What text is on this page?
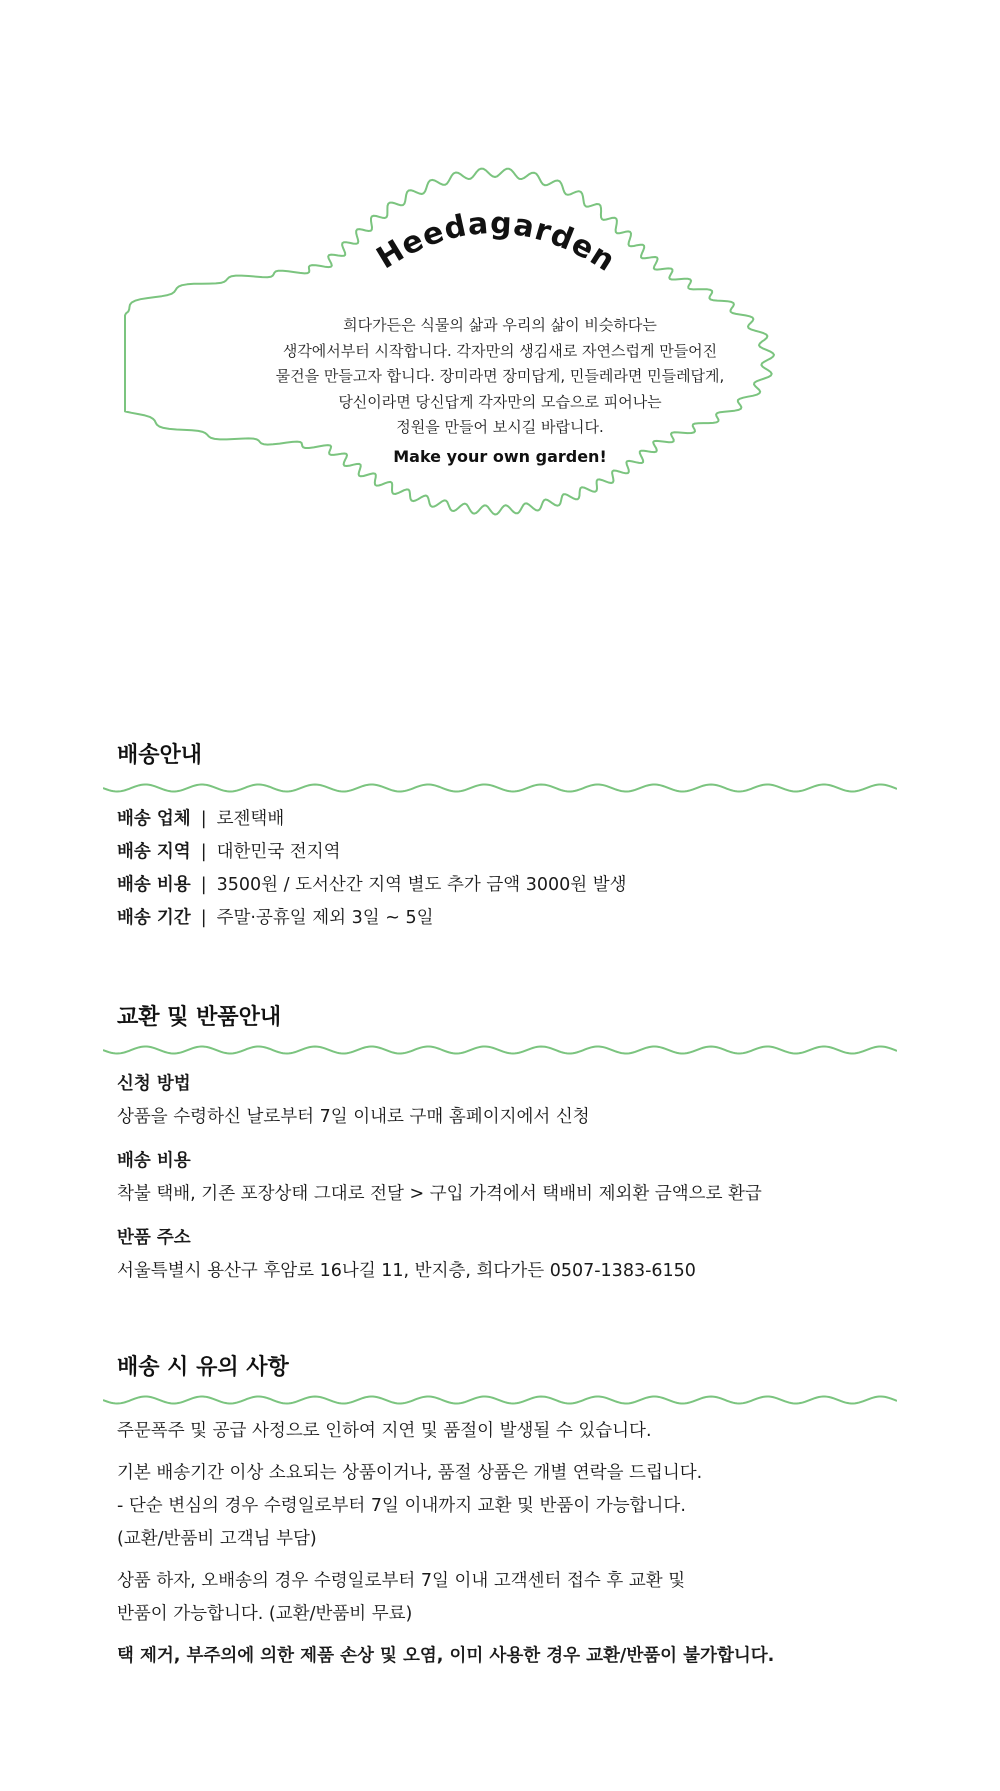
Heedagarden

희다가든은 식물의 삶과 우리의 삶이 비슷하다는

생각에서부터 시작합니다. 각자만의 생김새로 자연스럽게 만들어진

물건을 만들고자 합니다. 장미라면 장미답게, 민들레라면 민들레답게,

당신이라면 당신답게 각자만의 모습으로 피어나는

정원을 만들어 보시길 바랍니다.

Make your own garden!
배송안내
배송 업체 | 로젠택배
배송 지역 | 대한민국 전지역
배송 비용 | 3500원 / 도서산간 지역 별도 추가 금액 3000원 발생
배송 기간 | 주말·공휴일 제외 3일 ~ 5일
교환 및 반품안내
신청 방법
상품을 수령하신 날로부터 7일 이내로 구매 홈페이지에서 신청
배송 비용
착불 택배, 기존 포장상태 그대로 전달 > 구입 가격에서 택배비 제외환 금액으로 환급
반품 주소
서울특별시 용산구 후암로 16나길 11, 반지층, 희다가든 0507-1383-6150
배송 시 유의 사항
주문폭주 및 공급 사정으로 인하여 지연 및 품절이 발생될 수 있습니다.
기본 배송기간 이상 소요되는 상품이거나, 품절 상품은 개별 연락을 드립니다.
- 단순 변심의 경우 수령일로부터 7일 이내까지 교환 및 반품이 가능합니다.
(교환/반품비 고객님 부담)
상품 하자, 오배송의 경우 수령일로부터 7일 이내 고객센터 접수 후 교환 및
반품이 가능합니다. (교환/반품비 무료)
택 제거, 부주의에 의한 제품 손상 및 오염, 이미 사용한 경우 교환/반품이 불가합니다.
